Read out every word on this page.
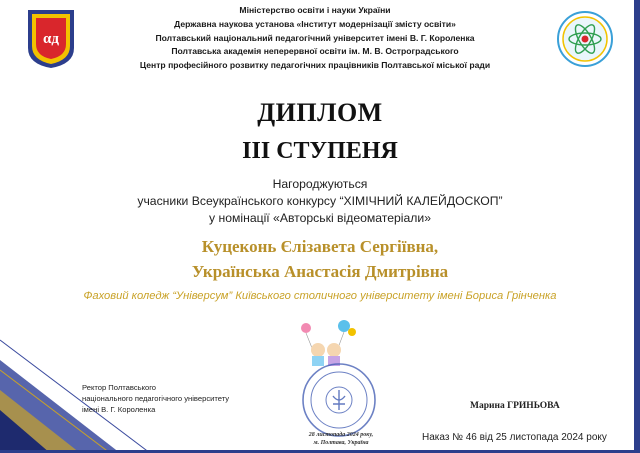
αд
Міністерство освіти і науки України
Державна наукова установа «Інститут модернізації змісту освіти»
Полтавський національний педагогічний університет імені В. Г. Короленка
Полтавська академія неперервної освіти ім. М. В. Остроградського
Центр професійного розвитку педагогічних працівників Полтавської міської ради
ДИПЛОМ
ІІІ СТУПЕНЯ
Нагороджуються
учасники Всеукраїнського конкурсу “ХІМІЧНИЙ КАЛЕЙДОСКОП”
у номінації «Авторські відеоматеріали»
Куцеконь Єлізавета Сергіївна,
Українська Анастасія Дмитрівна
Фаховий коледж “Універсум” Київського столичного університету імені Бориса Грінченка
Ректор Полтавського
національного педагогічного університету
імені В. Г. Короленка
28 листопада 2024 року,
м. Полтава, Україна
Марина ГРИНЬОВА
Наказ № 46 від 25 листопада 2024 року
